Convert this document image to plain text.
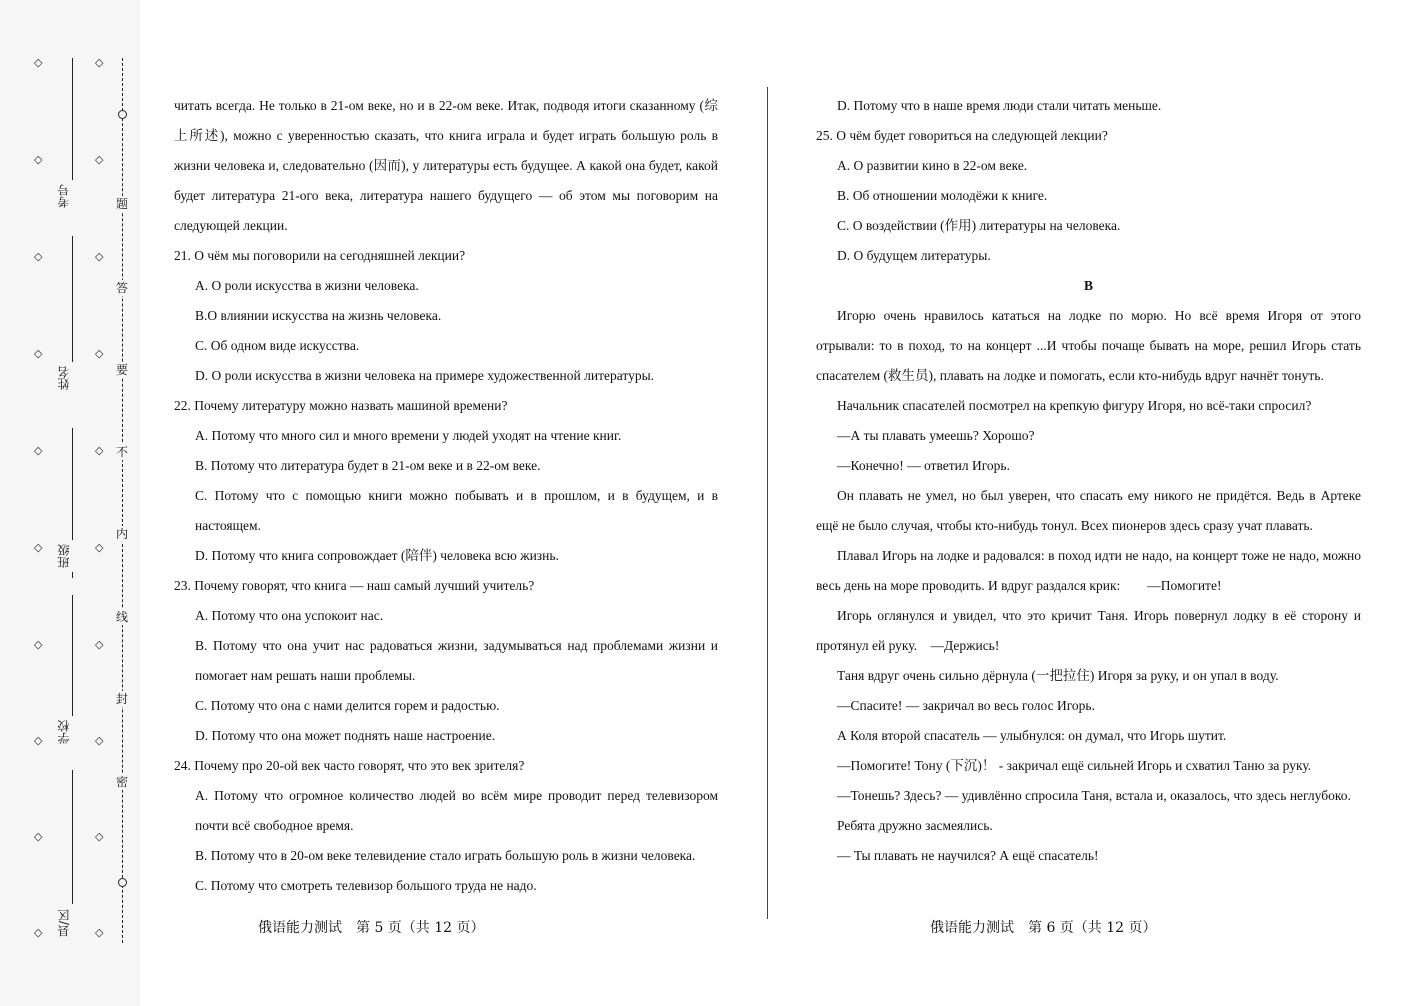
◇
◇
◇
◇
◇
◇
◇
◇
◇
◇
◇
◇
◇
◇
◇
◇
◇
◇
◇
◇
考号
姓名
班级
学校
县/区
题
答
要
不
内
线
封
密

читать всегда. Не только в 21-ом веке, но и в 22-ом веке. Итак, подводя итоги сказанному (综上所述), можно с уверенностью сказать, что книга играла и будет играть большую роль в жизни человека и, следовательно (因而), у литературы есть будущее. А какой она будет, какой будет литература 21-ого века, литература нашего будущего — об этом мы поговорим на следующей лекции.

21. О чём мы поговорили на сегодняшней лекции?

A. О роли искусства в жизни человека.

B.О влиянии искусства на жизнь человека.

C. Об одном виде искусства.

D. О роли искусства в жизни человека на примере художественной литературы.

22. Почему литературу можно назвать машиной времени?

A. Потому что много сил и много времени у людей уходят на чтение книг.

B. Потому что литература будет в 21-ом веке и в 22-ом веке.

C. Потому что с помощью книги можно побывать и в прошлом, и в будущем, и в настоящем.

D. Потому что книга сопровождает (陪伴) человека всю жизнь.

23. Почему говорят, что книга — наш самый лучший учитель?

A. Потому что она успокоит нас.

B. Потому что она учит нас радоваться жизни, задумываться над проблемами жизни и помогает нам решать наши проблемы.

C. Потому что она с нами делится горем и радостью.

D. Потому что она может поднять наше настроение.

24. Почему про 20-ой век часто говорят, что это век зрителя?

A. Потому что огромное количество людей во всём мире проводит перед телевизором почти всё свободное время.

B. Потому что в 20-ом веке телевидение стало играть большую роль в жизни человека.

C. Потому что смотреть телевизор большого труда не надо.

D. Потому что в наше время люди стали читать меньше.

25. О чём будет говориться на следующей лекции?

A. О развитии кино в 22-ом веке.

B. Об отношении молодёжи к книге.

C. О воздействии (作用) литературы на человека.

D. О будущем литературы.

B

Игорю очень нравилось кататься на лодке по морю. Но всё время Игоря от этого отрывали: то в поход, то на концерт ...И чтобы почаще бывать на море, решил Игорь стать спасателем (救生员), плавать на лодке и помогать, если кто-нибудь вдруг начнёт тонуть.

Начальник спасателей посмотрел на крепкую фигуру Игоря, но всё-таки спросил?

—А ты плавать умеешь? Хорошо?

—Конечно! — ответил Игорь.

Он плавать не умел, но был уверен, что спасать ему никого не придётся. Ведь в Артеке ещё не было случая, чтобы кто-нибудь тонул. Всех пионеров здесь сразу учат плавать.

Плавал Игорь на лодке и радовался: в поход идти не надо, на концерт тоже не надо, можно весь день на море проводить. И вдруг раздался крик:　　—Помогите!

Игорь оглянулся и увидел, что это кричит Таня. Игорь повернул лодку в её сторону и протянул ей руку.　—Держись!

Таня вдруг очень сильно дёрнула (一把拉住) Игоря за руку, и он упал в воду.

—Спасите! — закричал во весь голос Игорь.

А Коля второй спасатель — улыбнулся: он думал, что Игорь шутит.

—Помогите! Тону (下沉)！ - закричал ещё сильней Игорь и схватил Таню за руку.

—Тонешь? Здесь? — удивлённо спросила Таня, встала и, оказалось, что здесь неглубоко.

Ребята дружно засмеялись.

— Ты плавать не научился? А ещё спасатель!

俄语能力测试　第 5 页（共 12 页）	俄语能力测试　第 6 页（共 12 页）
